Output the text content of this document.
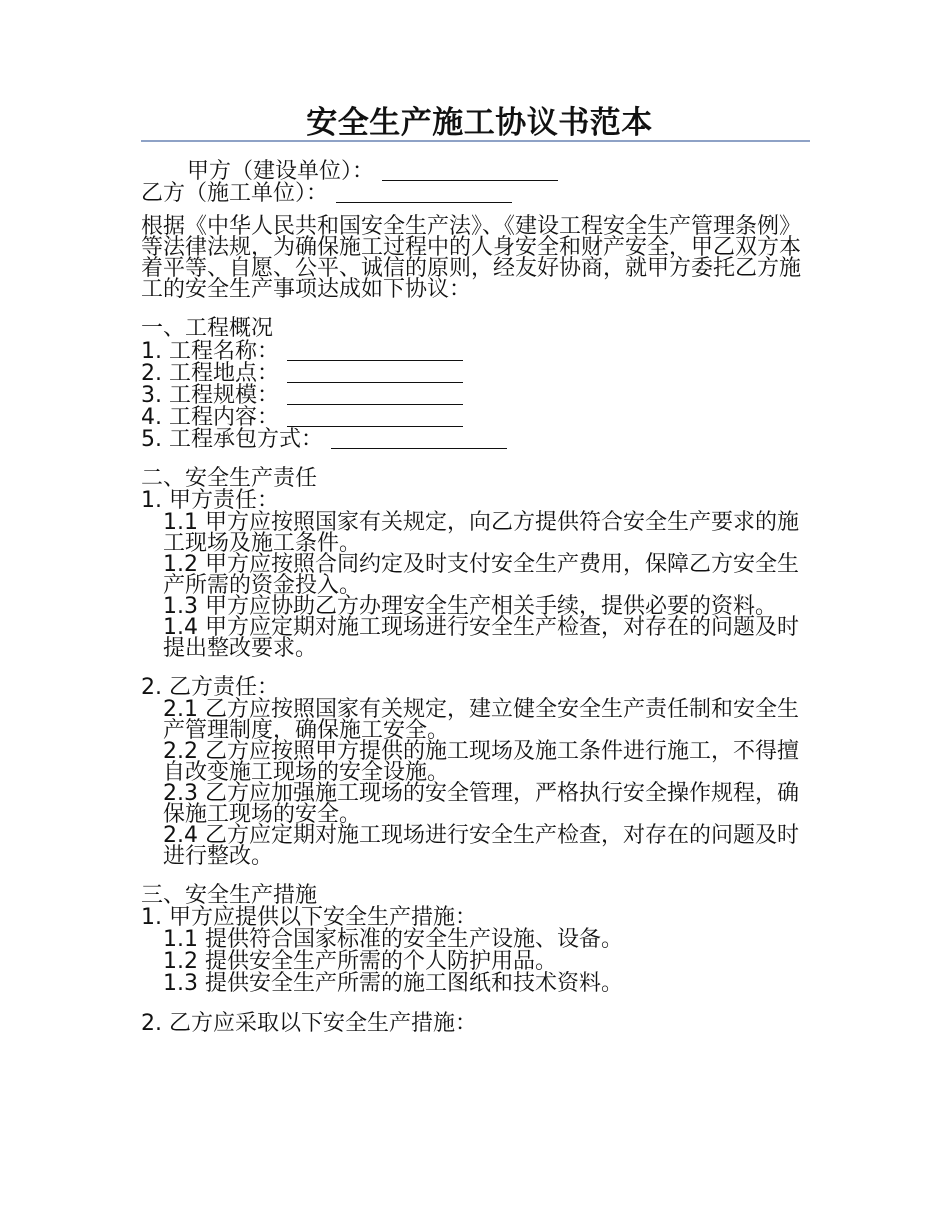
安全生产施工协议书范本
甲方（建设单位）：
乙方（施工单位）：
根据《中华人民共和国安全生产法》、《建设工程安全生产管理条例》等法律法规，为确保施工过程中的人身安全和财产安全，甲乙双方本着平等、自愿、公平、诚信的原则，经友好协商，就甲方委托乙方施工的安全生产事项达成如下协议：
一、工程概况
1. 工程名称：
2. 工程地点：
3. 工程规模：
4. 工程内容：
5. 工程承包方式：
二、安全生产责任
1. 甲方责任：
1.1 甲方应按照国家有关规定，向乙方提供符合安全生产要求的施工现场及施工条件。
1.2 甲方应按照合同约定及时支付安全生产费用，保障乙方安全生产所需的资金投入。
1.3 甲方应协助乙方办理安全生产相关手续，提供必要的资料。
1.4 甲方应定期对施工现场进行安全生产检查，对存在的问题及时提出整改要求。
2. 乙方责任：
2.1 乙方应按照国家有关规定，建立健全安全生产责任制和安全生产管理制度，确保施工安全。
2.2 乙方应按照甲方提供的施工现场及施工条件进行施工，不得擅自改变施工现场的安全设施。
2.3 乙方应加强施工现场的安全管理，严格执行安全操作规程，确保施工现场的安全。
2.4 乙方应定期对施工现场进行安全生产检查，对存在的问题及时进行整改。
三、安全生产措施
1. 甲方应提供以下安全生产措施：
1.1 提供符合国家标准的安全生产设施、设备。
1.2 提供安全生产所需的个人防护用品。
1.3 提供安全生产所需的施工图纸和技术资料。
2. 乙方应采取以下安全生产措施：
